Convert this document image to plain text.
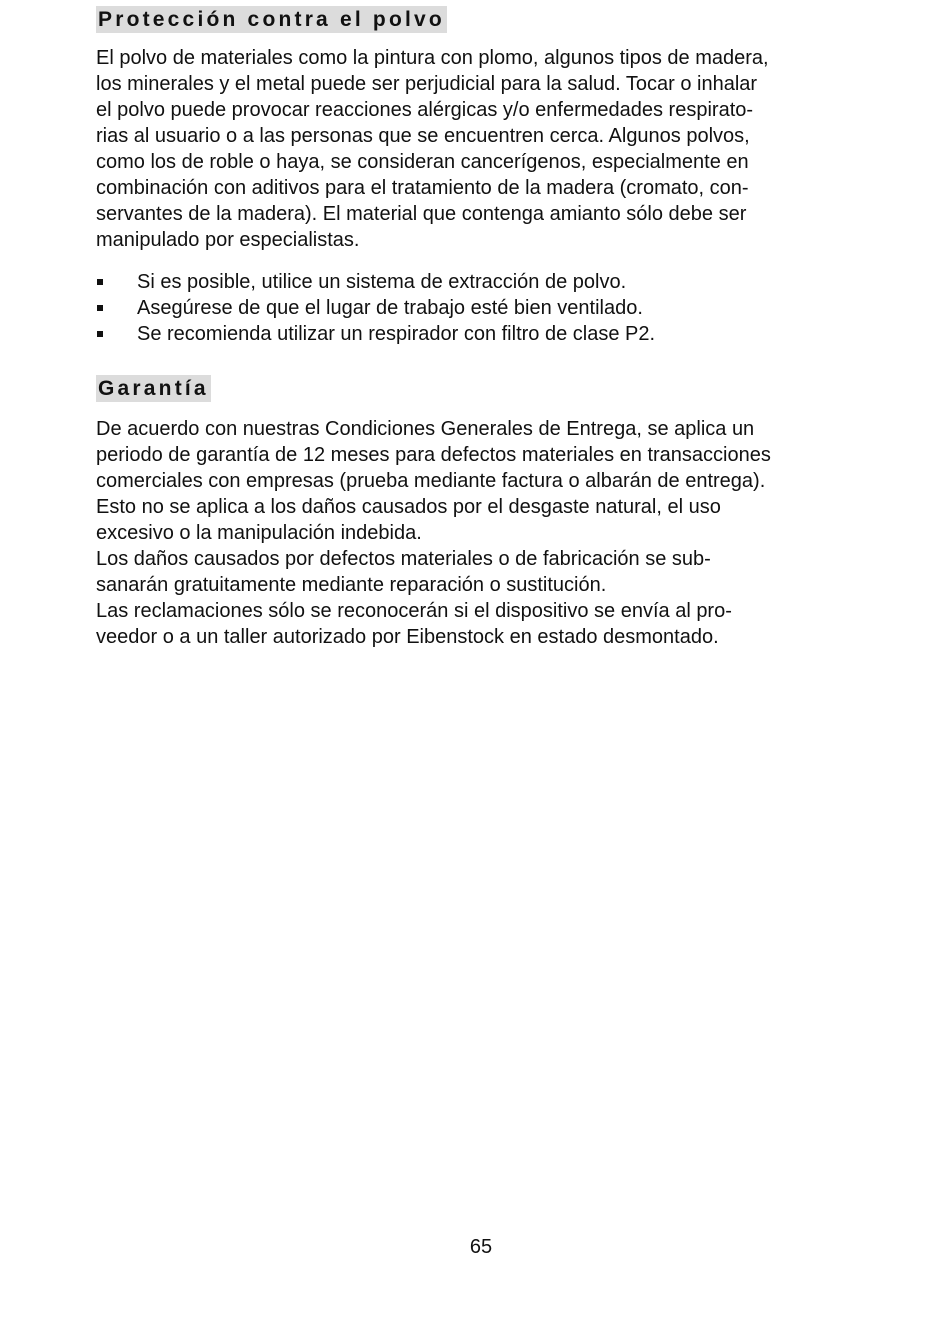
Protección contra el polvo

El polvo de materiales como la pintura con plomo, algunos tipos de madera,
los minerales y el metal puede ser perjudicial para la salud. Tocar o inhalar
el polvo puede provocar reacciones alérgicas y/o enfermedades respirato-
rias al usuario o a las personas que se encuentren cerca. Algunos polvos,
como los de roble o haya, se consideran cancerígenos, especialmente en
combinación con aditivos para el tratamiento de la madera (cromato, con-
servantes de la madera). El material que contenga amianto sólo debe ser
manipulado por especialistas.

Si es posible, utilice un sistema de extracción de polvo.
Asegúrese de que el lugar de trabajo esté bien ventilado.
Se recomienda utilizar un respirador con filtro de clase P2.
Garantía

De acuerdo con nuestras Condiciones Generales de Entrega, se aplica un
periodo de garantía de 12 meses para defectos materiales en transacciones
comerciales con empresas (prueba mediante factura o albarán de entrega).
Esto no se aplica a los daños causados por el desgaste natural, el uso
excesivo o la manipulación indebida.
Los daños causados por defectos materiales o de fabricación se sub-
sanarán gratuitamente mediante reparación o sustitución.
Las reclamaciones sólo se reconocerán si el dispositivo se envía al pro-
veedor o a un taller autorizado por Eibenstock en estado desmontado.

65
